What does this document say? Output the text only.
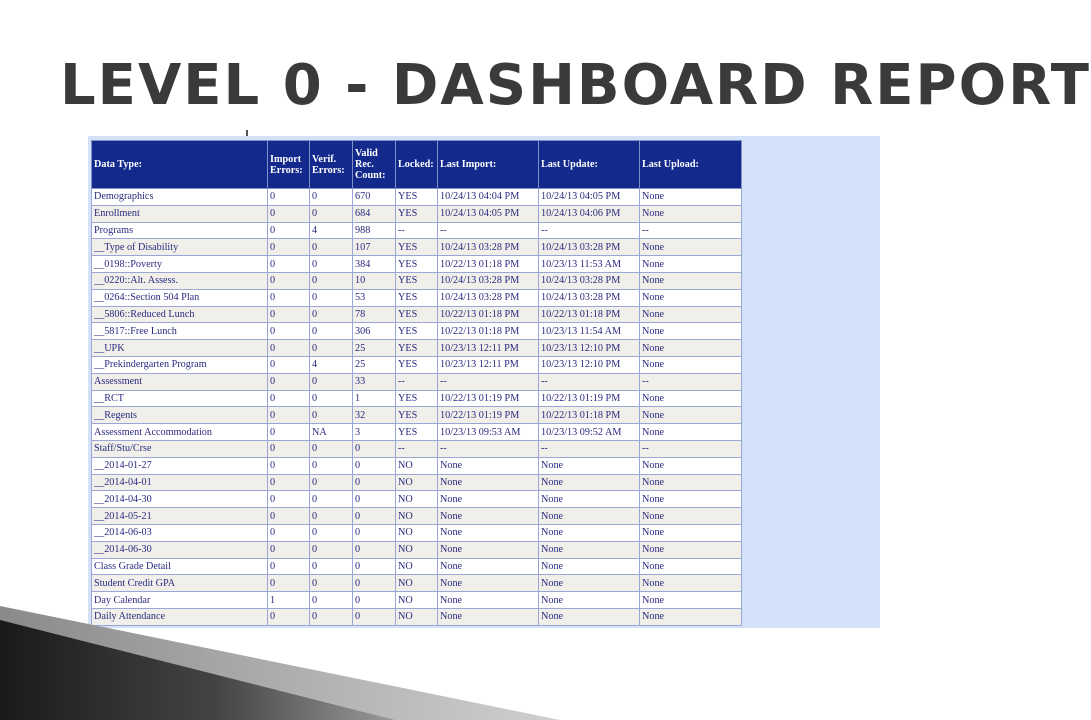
LEVEL 0 - DASHBOARD REPORT
Data Type:	Import Errors:	Verif. Errors:	Valid Rec. Count:	Locked:	Last Import:	Last Update:	Last Upload:
Demographics	0	0	670	YES	10/24/13 04:04 PM	10/24/13 04:05 PM	None
Enrollment	0	0	684	YES	10/24/13 04:05 PM	10/24/13 04:06 PM	None
Programs	0	4	988	--	--	--	--
__Type of Disability	0	0	107	YES	10/24/13 03:28 PM	10/24/13 03:28 PM	None
__0198::Poverty	0	0	384	YES	10/22/13 01:18 PM	10/23/13 11:53 AM	None
__0220::Alt. Assess.	0	0	10	YES	10/24/13 03:28 PM	10/24/13 03:28 PM	None
__0264::Section 504 Plan	0	0	53	YES	10/24/13 03:28 PM	10/24/13 03:28 PM	None
__5806::Reduced Lunch	0	0	78	YES	10/22/13 01:18 PM	10/22/13 01:18 PM	None
__5817::Free Lunch	0	0	306	YES	10/22/13 01:18 PM	10/23/13 11:54 AM	None
__UPK	0	0	25	YES	10/23/13 12:11 PM	10/23/13 12:10 PM	None
__Prekindergarten Program	0	4	25	YES	10/23/13 12:11 PM	10/23/13 12:10 PM	None
Assessment	0	0	33	--	--	--	--
__RCT	0	0	1	YES	10/22/13 01:19 PM	10/22/13 01:19 PM	None
__Regents	0	0	32	YES	10/22/13 01:19 PM	10/22/13 01:18 PM	None
Assessment Accommodation	0	NA	3	YES	10/23/13 09:53 AM	10/23/13 09:52 AM	None
Staff/Stu/Crse	0	0	0	--	--	--	--
__2014-01-27	0	0	0	NO	None	None	None
__2014-04-01	0	0	0	NO	None	None	None
__2014-04-30	0	0	0	NO	None	None	None
__2014-05-21	0	0	0	NO	None	None	None
__2014-06-03	0	0	0	NO	None	None	None
__2014-06-30	0	0	0	NO	None	None	None
Class Grade Detail	0	0	0	NO	None	None	None
Student Credit GPA	0	0	0	NO	None	None	None
Day Calendar	1	0	0	NO	None	None	None
Daily Attendance	0	0	0	NO	None	None	None
